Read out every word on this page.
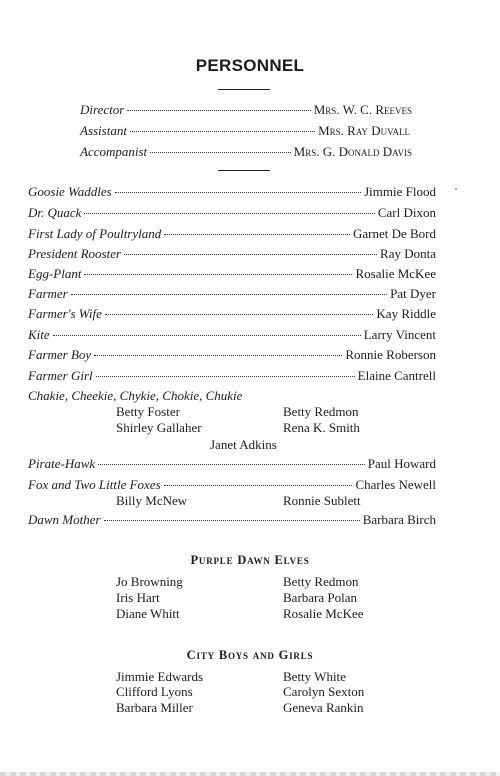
PERSONNEL
Director	Mrs. W. C. Reeves
Assistant	Mrs. Ray Duvall
Accompanist	Mrs. G. Donald Davis
Goosie Waddles	Jimmie Flood
Dr. Quack	Carl Dixon
First Lady of Poultryland	Garnet De Bord
President Rooster	Ray Donta
Egg-Plant	Rosalie McKee
Farmer	Pat Dyer
Farmer's Wife	Kay Riddle
Kite	Larry Vincent
Farmer Boy	Ronnie Roberson
Farmer Girl	Elaine Cantrell
Chakie, Cheekie, Chykie, Chokie, Chukie
Betty Foster	Betty Redmon
Shirley Gallaher	Rena K. Smith
Janet Adkins
Pirate-Hawk	Paul Howard
Fox and Two Little Foxes	Charles Newell
Billy McNew	Ronnie Sublett
Dawn Mother	Barbara Birch
Purple Dawn Elves
Jo Browning	Betty Redmon
Iris Hart	Barbara Polan
Diane Whitt	Rosalie McKee
City Boys and Girls
Jimmie Edwards	Betty White
Clifford Lyons	Carolyn Sexton
Barbara Miller	Geneva Rankin
